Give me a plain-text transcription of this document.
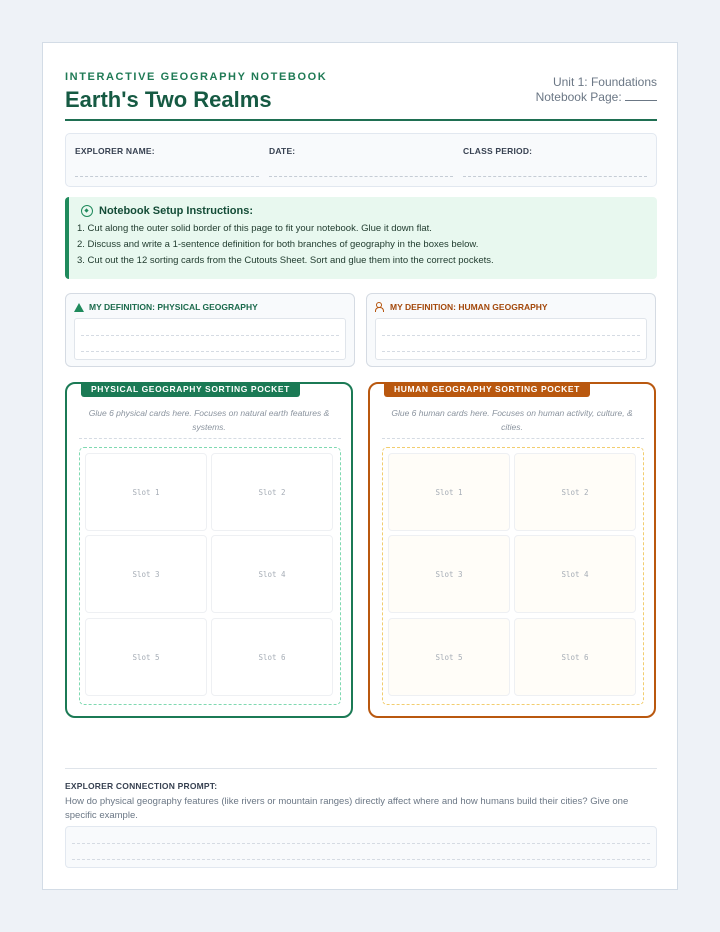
INTERACTIVE GEOGRAPHY NOTEBOOK
Earth's Two Realms
Unit 1: Foundations
Notebook Page:
EXPLORER NAME:	DATE:	CLASS PERIOD:
Notebook Setup Instructions:
1. Cut along the outer solid border of this page to fit your notebook. Glue it down flat.
2. Discuss and write a 1-sentence definition for both branches of geography in the boxes below.
3. Cut out the 12 sorting cards from the Cutouts Sheet. Sort and glue them into the correct pockets.
MY DEFINITION: PHYSICAL GEOGRAPHY	MY DEFINITION: HUMAN GEOGRAPHY
PHYSICAL GEOGRAPHY SORTING POCKET
Glue 6 physical cards here. Focuses on natural earth features & systems.
Slot 1	Slot 2
Slot 3	Slot 4
Slot 5	Slot 6
HUMAN GEOGRAPHY SORTING POCKET
Glue 6 human cards here. Focuses on human activity, culture, & cities.
Slot 1	Slot 2
Slot 3	Slot 4
Slot 5	Slot 6
EXPLORER CONNECTION PROMPT:
How do physical geography features (like rivers or mountain ranges) directly affect where and how humans build their cities? Give one specific example.
